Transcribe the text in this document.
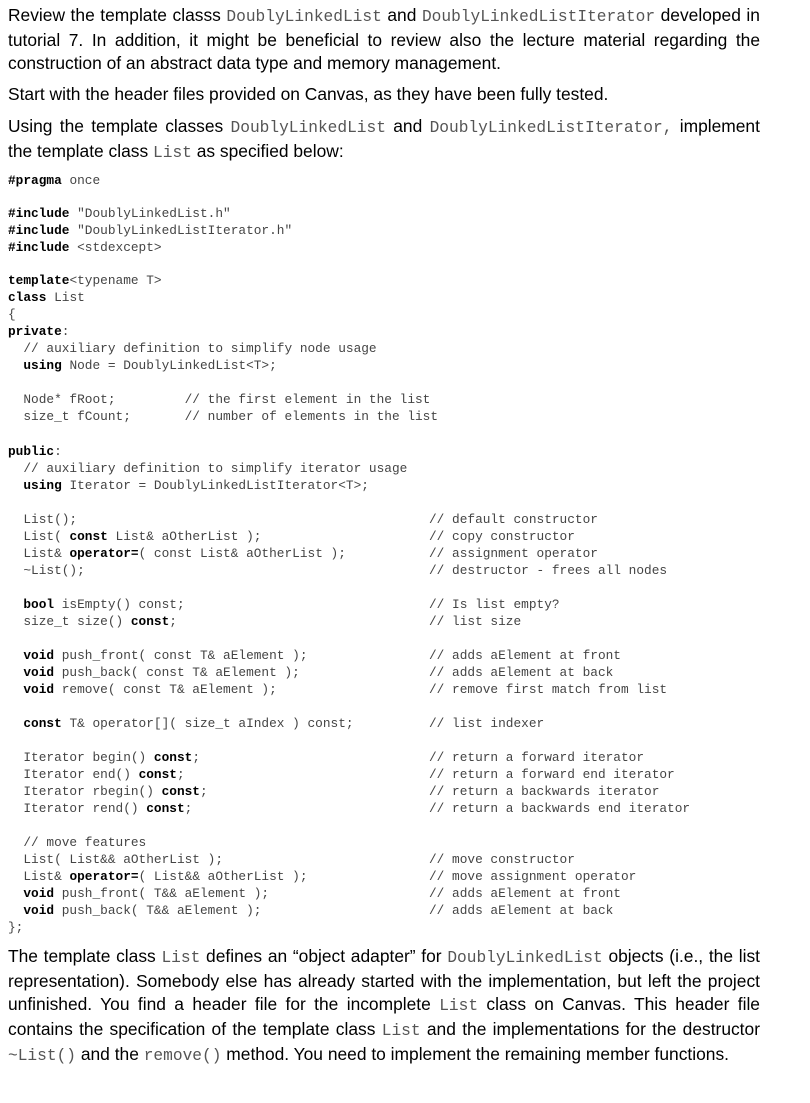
Review the template classs DoublyLinkedList and DoublyLinkedListIterator developed in tutorial 7. In addition, it might be beneficial to review also the lecture material regarding the construction of an abstract data type and memory management.
Start with the header files provided on Canvas, as they have been fully tested.
Using the template classes DoublyLinkedList and DoublyLinkedListIterator, implement the template class List as specified below:
#pragma once
#include "DoublyLinkedList.h"
#include "DoublyLinkedListIterator.h"
#include <stdexcept>
template<typename T>
class List
{
private:
// auxiliary definition to simplify node usage
using Node = DoublyLinkedList<T>;
Node* fRoot;         // the first element in the list
size_t fCount;       // number of elements in the list
public:
// auxiliary definition to simplify iterator usage
using Iterator = DoublyLinkedListIterator<T>;
List();	// default constructor
List( const List& aOtherList );	// copy constructor
List& operator=( const List& aOtherList );	// assignment operator
~List();	// destructor - frees all nodes
bool isEmpty() const;	// Is list empty?
size_t size() const;	// list size
void push_front( const T& aElement );	// adds aElement at front
void push_back( const T& aElement );	// adds aElement at back
void remove( const T& aElement );	// remove first match from list
const T& operator[]( size_t aIndex ) const;	// list indexer
Iterator begin() const;	// return a forward iterator
Iterator end() const;	// return a forward end iterator
Iterator rbegin() const;	// return a backwards iterator
Iterator rend() const;	// return a backwards end iterator
// move features
List( List&& aOtherList );	// move constructor
List& operator=( List&& aOtherList );	// move assignment operator
void push_front( T&& aElement );	// adds aElement at front
void push_back( T&& aElement );	// adds aElement at back
};
The template class List defines an “object adapter” for DoublyLinkedList objects (i.e., the list representation). Somebody else has already started with the implementation, but left the project unfinished. You find a header file for the incomplete List class on Canvas. This header file contains the specification of the template class List and the implementations for the destructor ~List() and the remove() method. You need to implement the remaining member functions.
